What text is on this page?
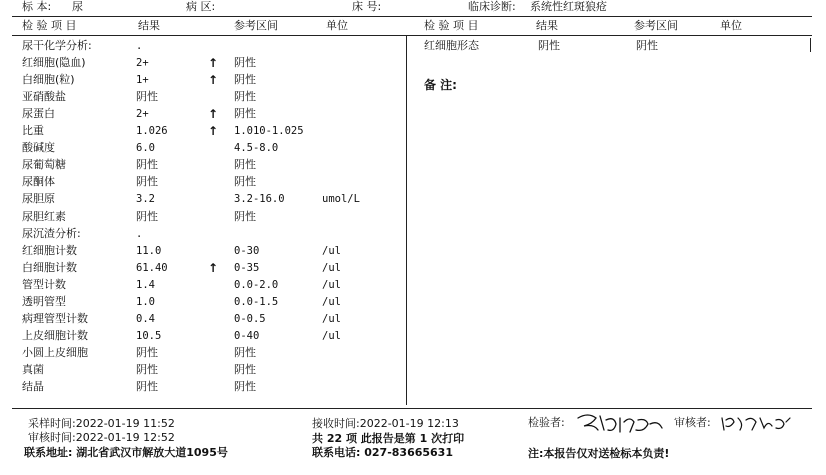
标 本: 尿	病 区:	床 号:	临床诊断: 系统性红斑狼疮
检 验 项 目	结果	参考区间	单位	检 验 项 目	结果	参考区间	单位
尿干化学分析:	.
红细胞(隐血)	2+	↑ 阴性
白细胞(粒)	1+	↑ 阴性
亚硝酸盐	阴性	阴性
尿蛋白	2+	↑ 阴性
比重	1.026	↑ 1.010-1.025
酸碱度	6.0	4.5-8.0
尿葡萄糖	阴性	阴性
尿酮体	阴性	阴性
尿胆原	3.2	3.2-16.0	umol/L
尿胆红素	阴性	阴性
尿沉渣分析:	.
红细胞计数	11.0	0-30	/ul
白细胞计数	61.40	↑ 0-35	/ul
管型计数	1.4	0.0-2.0	/ul
透明管型	1.0	0.0-1.5	/ul
病理管型计数	0.4	0-0.5	/ul
上皮细胞计数	10.5	0-40	/ul
小圆上皮细胞	阴性	阴性
真菌	阴性	阴性
结晶	阴性	阴性
红细胞形态	阴性	阴性
备 注:
采样时间:2022-01-19 11:52
审核时间:2022-01-19 12:52
联系地址: 湖北省武汉市解放大道1095号
接收时间:2022-01-19 12:13
共 22 项 此报告是第 1 次打印
联系电话: 027-83665631
检验者:	审核者:
注:本报告仅对送检标本负责!
